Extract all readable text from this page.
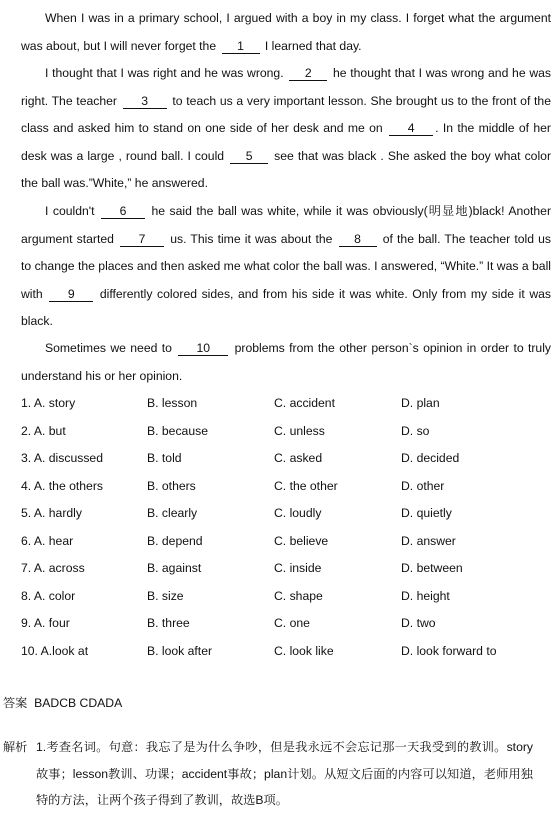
When I was in a primary school, I argued with a boy in my class. I forget what the argument was about, but I will never forget the 1 I learned that day.

I thought that I was right and he was wrong. 2 he thought that I was wrong and he was right. The teacher 3 to teach us a very important lesson. She brought us to the front of the class and asked him to stand on one side of her desk and me on 4 . In the middle of her desk was a large , round ball. I could 5 see that was black . She asked the boy what color the ball was.”White,” he answered.

I couldn't 6 he said the ball was white, while it was obviously(明显地)black! Another argument started 7 us. This time it was about the 8 of the ball. The teacher told us to change the places and then asked me what color the ball was. I answered, “White.” It was a ball with 9 differently colored sides, and from his side it was white. Only from my side it was black.

Sometimes we need to 10 problems from the other person`s opinion in order to truly understand his or her opinion.

1. A. story	B. lesson	C. accident	D. plan
2. A. but	B. because	C. unless	D. so
3. A. discussed	B. told	C. asked	D. decided
4. A. the others	B. others	C. the other	D. other
5. A. hardly	B. clearly	C. loudly	D. quietly
6. A. hear	B. depend	C. believe	D. answer
7. A. across	B. against	C. inside	D. between
8. A. color	B. size	C. shape	D. height
9. A. four	B. three	C. one	D. two
10. A.look at	B. look after	C. look like	D. look forward to
答案 BADCB CDADA
解析 1.考查名词。句意：我忘了是为什么争吵，但是我永远不会忘记那一天我受到的教训。story故事；lesson教训、功课；accident事故；plan计划。从短文后面的内容可以知道，老师用独特的方法，让两个孩子得到了教训，故选B项。
